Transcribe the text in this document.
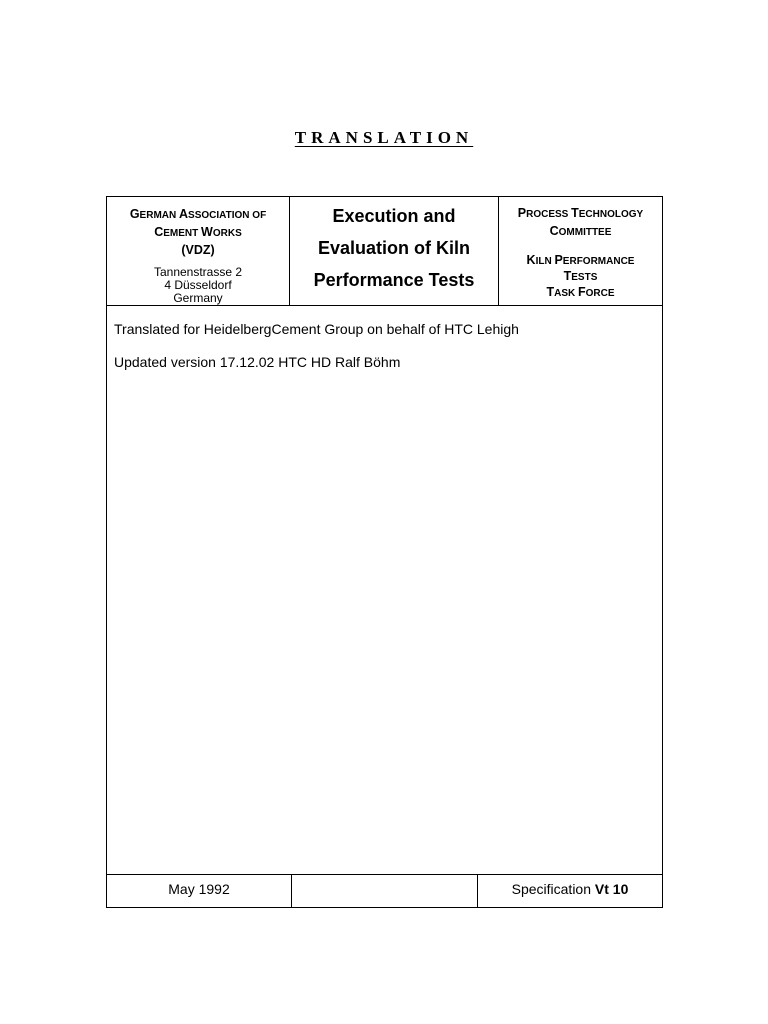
TRANSLATION
GERMAN ASSOCIATION OF
CEMENT WORKS
(VDZ)
Tannenstrasse 2
4 Düsseldorf
Germany
Execution and
Evaluation of Kiln
Performance Tests
PROCESS TECHNOLOGY
COMMITTEE
KILN PERFORMANCE
TESTS
TASK FORCE

Translated for HeidelbergCement Group on behalf of HTC Lehigh

Updated version 17.12.02 HTC HD Ralf Böhm

May 1992	Specification Vt 10
